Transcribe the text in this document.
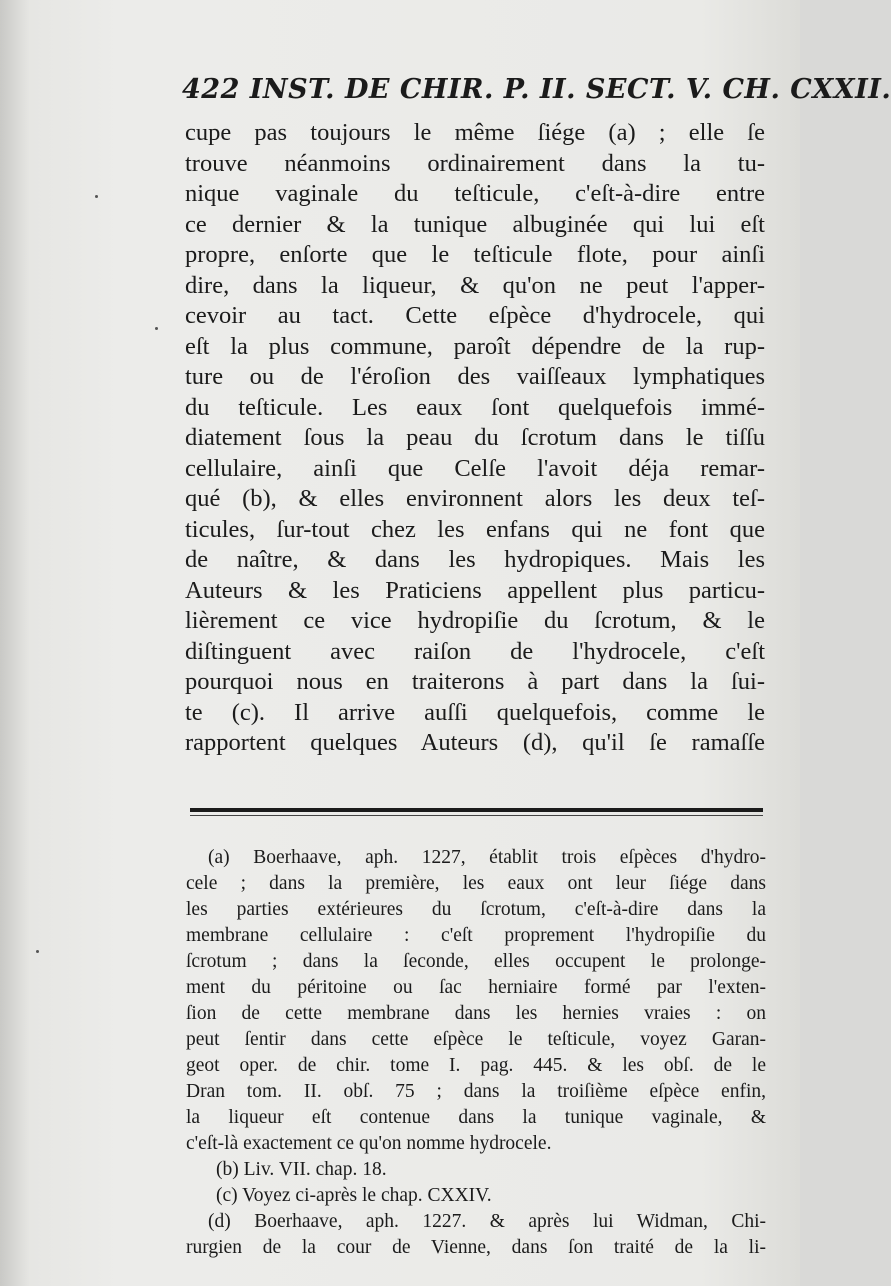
422 INST. DE CHIR. P. II. SECT. V. CH. CXXII.
cupe pas toujours le même ſiége (a) ; elle ſe
trouve néanmoins ordinairement dans la tu-
nique vaginale du teſticule, c'eſt-à-dire entre
ce dernier & la tunique albuginée qui lui eſt
propre, enſorte que le teſticule flote, pour ainſi
dire, dans la liqueur, & qu'on ne peut l'apper-
cevoir au tact. Cette eſpèce d'hydrocele, qui
eſt la plus commune, paroît dépendre de la rup-
ture ou de l'éroſion des vaiſſeaux lymphatiques
du teſticule. Les eaux ſont quelquefois immé-
diatement ſous la peau du ſcrotum dans le tiſſu
cellulaire, ainſi que Celſe l'avoit déja remar-
qué (b), & elles environnent alors les deux teſ-
ticules, ſur-tout chez les enfans qui ne font que
de naître, & dans les hydropiques. Mais les
Auteurs & les Praticiens appellent plus particu-
lièrement ce vice hydropiſie du ſcrotum, & le
diſtinguent avec raiſon de l'hydrocele, c'eſt
pourquoi nous en traiterons à part dans la ſui-
te (c). Il arrive auſſi quelquefois, comme le
rapportent quelques Auteurs (d), qu'il ſe ramaſſe
(a) Boerhaave, aph. 1227, établit trois eſpèces d'hydro-
cele ; dans la première, les eaux ont leur ſiége dans
les parties extérieures du ſcrotum, c'eſt-à-dire dans la
membrane cellulaire : c'eſt proprement l'hydropiſie du
ſcrotum ; dans la ſeconde, elles occupent le prolonge-
ment du péritoine ou ſac herniaire formé par l'exten-
ſion de cette membrane dans les hernies vraies : on
peut ſentir dans cette eſpèce le teſticule, voyez Garan-
geot oper. de chir. tome I. pag. 445. & les obſ. de le
Dran tom. II. obſ. 75 ; dans la troiſième eſpèce enfin,
la liqueur eſt contenue dans la tunique vaginale, &
c'eſt-là exactement ce qu'on nomme hydrocele.
(b) Liv. VII. chap. 18.
(c) Voyez ci-après le chap. CXXIV.
(d) Boerhaave, aph. 1227. & après lui Widman, Chi-
rurgien de la cour de Vienne, dans ſon traité de la li-
